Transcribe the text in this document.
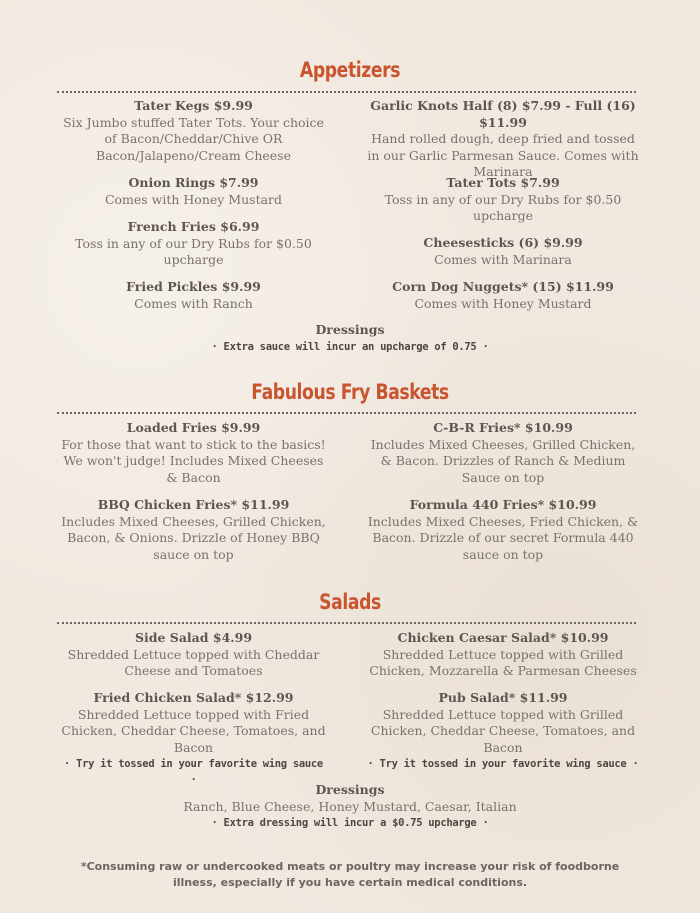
Appetizers
Tater Kegs $9.99
Six Jumbo stuffed Tater Tots. Your choice of Bacon/Cheddar/Chive OR Bacon/Jalapeno/Cream Cheese
Onion Rings $7.99
Comes with Honey Mustard
French Fries $6.99
Toss in any of our Dry Rubs for $0.50 upcharge
Fried Pickles $9.99
Comes with Ranch
Garlic Knots Half (8) $7.99 - Full (16) $11.99
Hand rolled dough, deep fried and tossed in our Garlic Parmesan Sauce. Comes with Marinara
Tater Tots $7.99
Toss in any of our Dry Rubs for $0.50 upcharge
Cheesesticks (6) $9.99
Comes with Marinara
Corn Dog Nuggets* (15) $11.99
Comes with Honey Mustard
Dressings
· Extra sauce will incur an upcharge of 0.75 ·
Fabulous Fry Baskets
Loaded Fries $9.99
For those that want to stick to the basics! We won't judge! Includes Mixed Cheeses & Bacon
BBQ Chicken Fries* $11.99
Includes Mixed Cheeses, Grilled Chicken, Bacon, & Onions. Drizzle of Honey BBQ sauce on top
C-B-R Fries* $10.99
Includes Mixed Cheeses, Grilled Chicken, & Bacon. Drizzles of Ranch & Medium Sauce on top
Formula 440 Fries* $10.99
Includes Mixed Cheeses, Fried Chicken, & Bacon. Drizzle of our secret Formula 440 sauce on top
Salads
Side Salad $4.99
Shredded Lettuce topped with Cheddar Cheese and Tomatoes
Fried Chicken Salad* $12.99
Shredded Lettuce topped with Fried Chicken, Cheddar Cheese, Tomatoes, and Bacon
· Try it tossed in your favorite wing sauce ·
Chicken Caesar Salad* $10.99
Shredded Lettuce topped with Grilled Chicken, Mozzarella & Parmesan Cheeses
Pub Salad* $11.99
Shredded Lettuce topped with Grilled Chicken, Cheddar Cheese, Tomatoes, and Bacon
· Try it tossed in your favorite wing sauce ·
Dressings
Ranch, Blue Cheese, Honey Mustard, Caesar, Italian
· Extra dressing will incur a $0.75 upcharge ·
*Consuming raw or undercooked meats or poultry may increase your risk of foodborne illness, especially if you have certain medical conditions.
